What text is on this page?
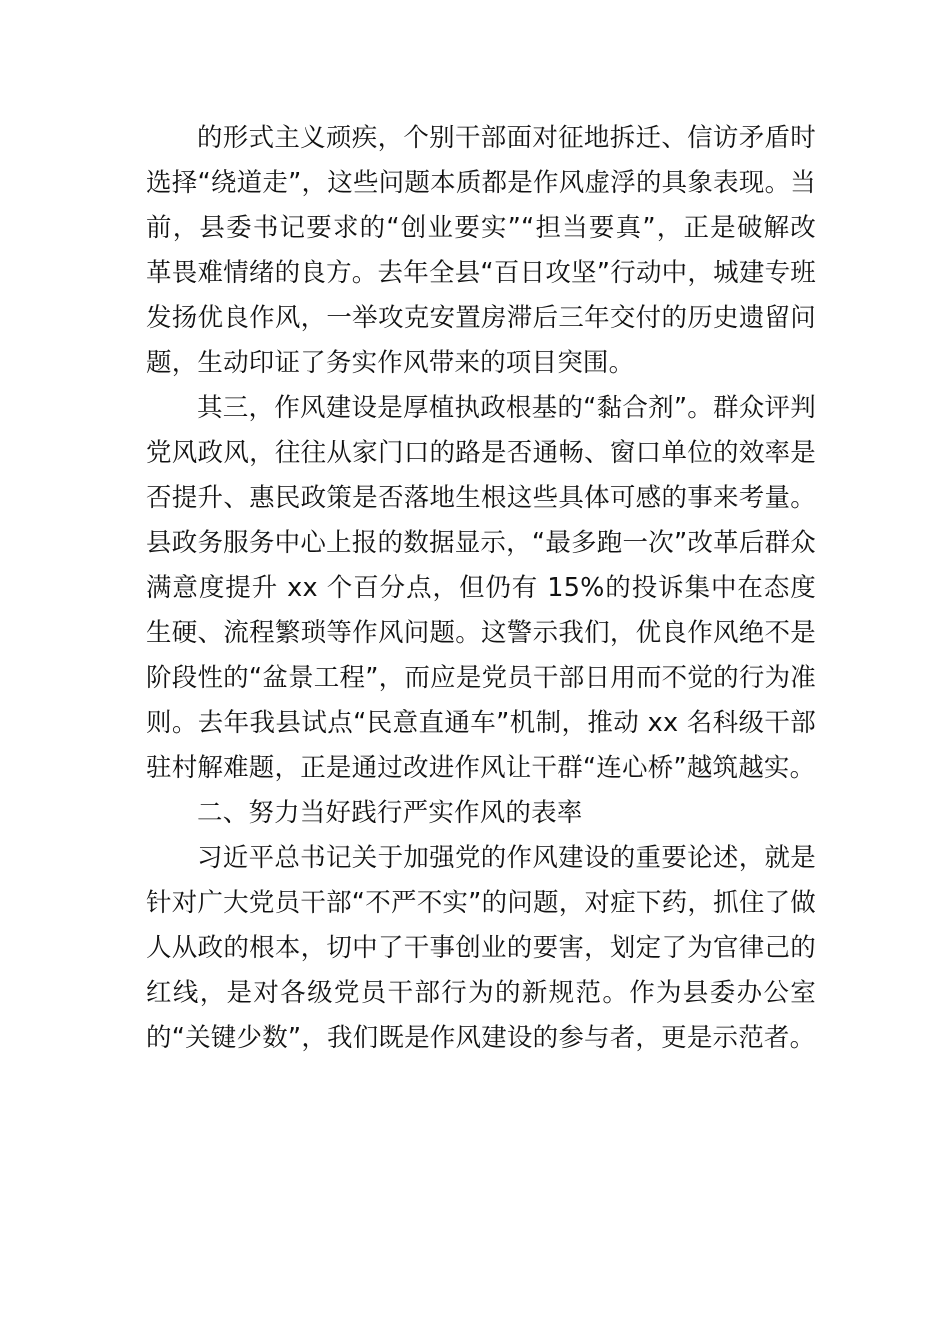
的形式主义顽疾，个别干部面对征地拆迁、信访矛盾时选择“绕道走”，这些问题本质都是作风虚浮的具象表现。当前，县委书记要求的“创业要实”“担当要真”，正是破解改革畏难情绪的良方。去年全县“百日攻坚”行动中，城建专班发扬优良作风，一举攻克安置房滞后三年交付的历史遗留问题，生动印证了务实作风带来的项目突围。

其三，作风建设是厚植执政根基的“黏合剂”。群众评判党风政风，往往从家门口的路是否通畅、窗口单位的效率是否提升、惠民政策是否落地生根这些具体可感的事来考量。县政务服务中心上报的数据显示，“最多跑一次”改革后群众满意度提升 xx 个百分点，但仍有 15%的投诉集中在态度生硬、流程繁琐等作风问题。这警示我们，优良作风绝不是阶段性的“盆景工程”，而应是党员干部日用而不觉的行为准则。去年我县试点“民意直通车”机制，推动 xx 名科级干部驻村解难题，正是通过改进作风让干群“连心桥”越筑越实。

二、努力当好践行严实作风的表率

习近平总书记关于加强党的作风建设的重要论述，就是针对广大党员干部“不严不实”的问题，对症下药，抓住了做人从政的根本，切中了干事创业的要害，划定了为官律己的红线，是对各级党员干部行为的新规范。作为县委办公室的“关键少数”，我们既是作风建设的参与者，更是示范者。
